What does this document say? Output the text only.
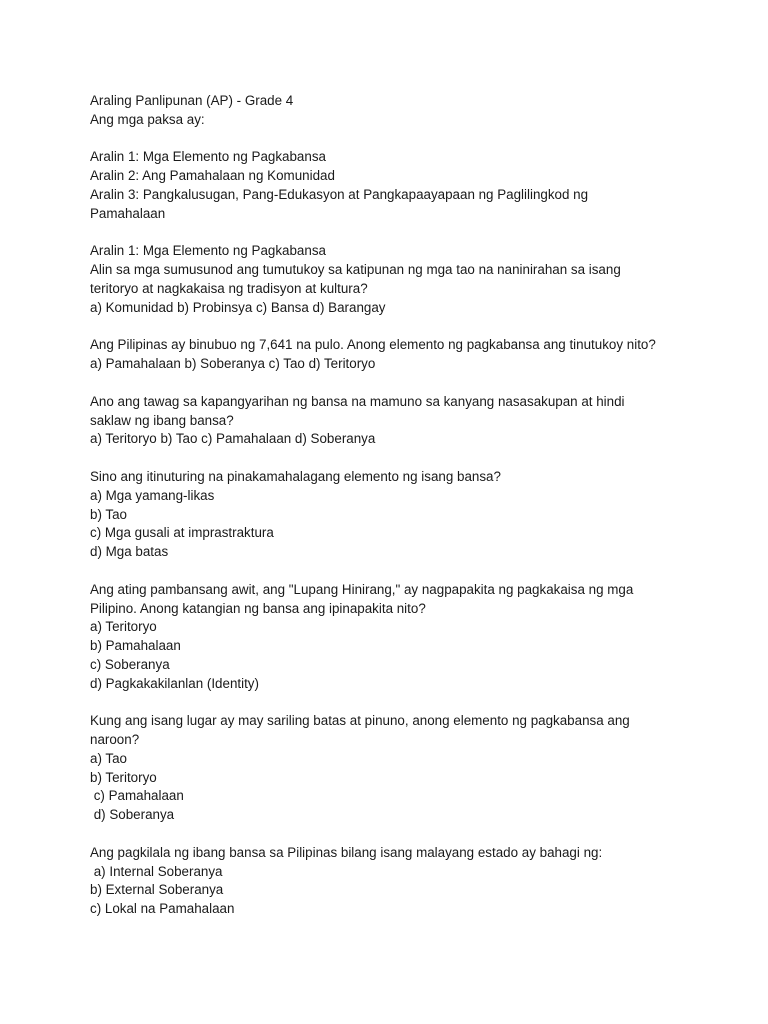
Araling Panlipunan (AP) - Grade 4

Ang mga paksa ay:

Aralin 1: Mga Elemento ng Pagkabansa

Aralin 2: Ang Pamahalaan ng Komunidad

Aralin 3: Pangkalusugan, Pang-Edukasyon at Pangkapaayapaan ng Paglilingkod ng

Pamahalaan

Aralin 1: Mga Elemento ng Pagkabansa

Alin sa mga sumusunod ang tumutukoy sa katipunan ng mga tao na naninirahan sa isang

teritoryo at nagkakaisa ng tradisyon at kultura?

a) Komunidad b) Probinsya c) Bansa d) Barangay

Ang Pilipinas ay binubuo ng 7,641 na pulo. Anong elemento ng pagkabansa ang tinutukoy nito?

a) Pamahalaan b) Soberanya c) Tao d) Teritoryo

Ano ang tawag sa kapangyarihan ng bansa na mamuno sa kanyang nasasakupan at hindi

saklaw ng ibang bansa?

a) Teritoryo b) Tao c) Pamahalaan d) Soberanya

Sino ang itinuturing na pinakamahalagang elemento ng isang bansa?

a) Mga yamang-likas

b) Tao

c) Mga gusali at imprastraktura

d) Mga batas

Ang ating pambansang awit, ang "Lupang Hinirang," ay nagpapakita ng pagkakaisa ng mga

Pilipino. Anong katangian ng bansa ang ipinapakita nito?

a) Teritoryo

b) Pamahalaan

c) Soberanya

d) Pagkakakilanlan (Identity)

Kung ang isang lugar ay may sariling batas at pinuno, anong elemento ng pagkabansa ang

naroon?

a) Tao

b) Teritoryo

c) Pamahalaan

d) Soberanya

Ang pagkilala ng ibang bansa sa Pilipinas bilang isang malayang estado ay bahagi ng:

a) Internal Soberanya

b) External Soberanya

c) Lokal na Pamahalaan
